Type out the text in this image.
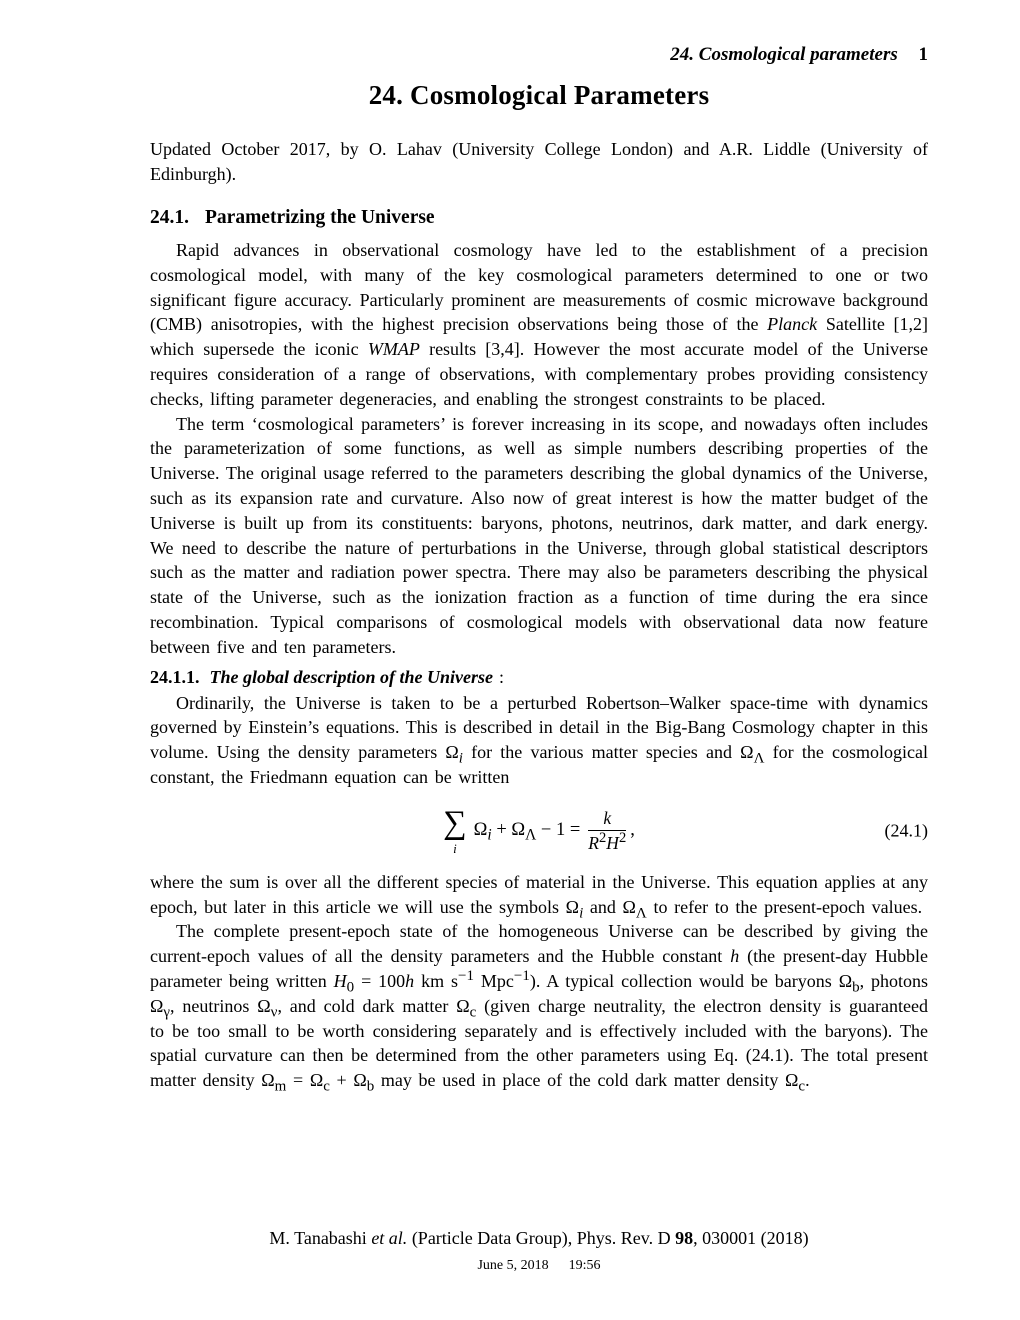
24. Cosmological parameters 1
24. Cosmological Parameters

Updated October 2017, by O. Lahav (University College London) and A.R. Liddle (University of Edinburgh).

24.1. Parametrizing the Universe

Rapid advances in observational cosmology have led to the establishment of a precision cosmological model, with many of the key cosmological parameters determined to one or two significant figure accuracy. Particularly prominent are measurements of cosmic microwave background (CMB) anisotropies, with the highest precision observations being those of the Planck Satellite [1,2] which supersede the iconic WMAP results [3,4]. However the most accurate model of the Universe requires consideration of a range of observations, with complementary probes providing consistency checks, lifting parameter degeneracies, and enabling the strongest constraints to be placed.

The term ‘cosmological parameters’ is forever increasing in its scope, and nowadays often includes the parameterization of some functions, as well as simple numbers describing properties of the Universe. The original usage referred to the parameters describing the global dynamics of the Universe, such as its expansion rate and curvature. Also now of great interest is how the matter budget of the Universe is built up from its constituents: baryons, photons, neutrinos, dark matter, and dark energy. We need to describe the nature of perturbations in the Universe, through global statistical descriptors such as the matter and radiation power spectra. There may also be parameters describing the physical state of the Universe, such as the ionization fraction as a function of time during the era since recombination. Typical comparisons of cosmological models with observational data now feature between five and ten parameters.

24.1.1. The global description of the Universe :

Ordinarily, the Universe is taken to be a perturbed Robertson–Walker space-time with dynamics governed by Einstein’s equations. This is described in detail in the Big-Bang Cosmology chapter in this volume. Using the density parameters $\Omega_i$ for the various matter species and $\Omega_\Lambda$ for the cosmological constant, the Friedmann equation can be written

∑
i
$\Omega_i + \Omega_\Lambda - 1 = \frac{k}{R^2H^2}$ ,	(24.1)

where the sum is over all the different species of material in the Universe. This equation applies at any epoch, but later in this article we will use the symbols $\Omega_i$ and $\Omega_\Lambda$ to refer to the present-epoch values.

The complete present-epoch state of the homogeneous Universe can be described by giving the current-epoch values of all the density parameters and the Hubble constant h (the present-day Hubble parameter being written $H_0 = 100h$ km $s^{-1}$ Mpc$^{-1}$). A typical collection would be baryons $\Omega_b$, photons $\Omega_\gamma$, neutrinos $\Omega_\nu$, and cold dark matter $\Omega_c$ (given charge neutrality, the electron density is guaranteed to be too small to be worth considering separately and is effectively included with the baryons). The spatial curvature can then be determined from the other parameters using Eq. (24.1). The total present matter density $\Omega_m = \Omega_c + \Omega_b$ may be used in place of the cold dark matter density $\Omega_c$.

M. Tanabashi et al. (Particle Data Group), Phys. Rev. D 98, 030001 (2018)

June 5, 2018 19:56
